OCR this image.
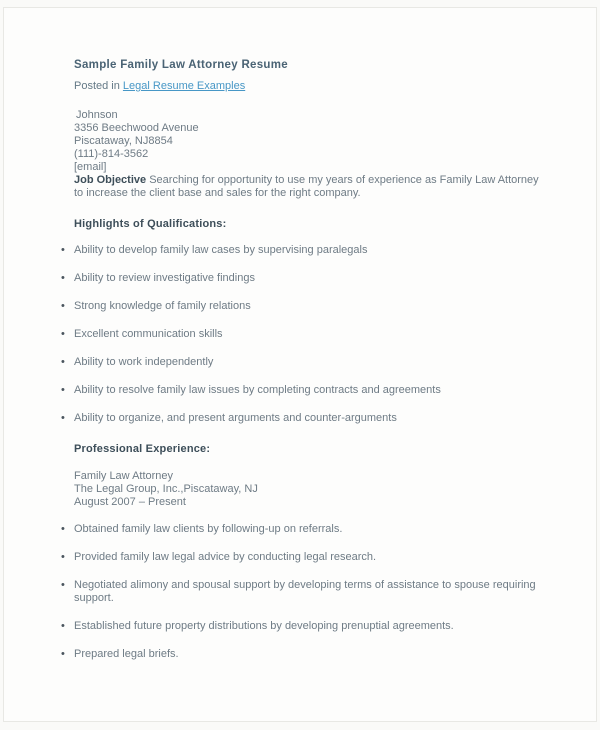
Sample Family Law Attorney Resume
Posted in Legal Resume Examples
Johnson
3356 Beechwood Avenue
Piscataway, NJ8854
(111)-814-3562
[email]
Job Objective Searching for opportunity to use my years of experience as Family Law Attorney to increase the client base and sales for the right company.
Highlights of Qualifications:
• Ability to develop family law cases by supervising paralegals
• Ability to review investigative findings
• Strong knowledge of family relations
• Excellent communication skills
• Ability to work independently
• Ability to resolve family law issues by completing contracts and agreements
• Ability to organize, and present arguments and counter-arguments
Professional Experience:
Family Law Attorney
The Legal Group, Inc.,Piscataway, NJ
August 2007 – Present
• Obtained family law clients by following-up on referrals.
• Provided family law legal advice by conducting legal research.
• Negotiated alimony and spousal support by developing terms of assistance to spouse requiring support.
• Established future property distributions by developing prenuptial agreements.
• Prepared legal briefs.
